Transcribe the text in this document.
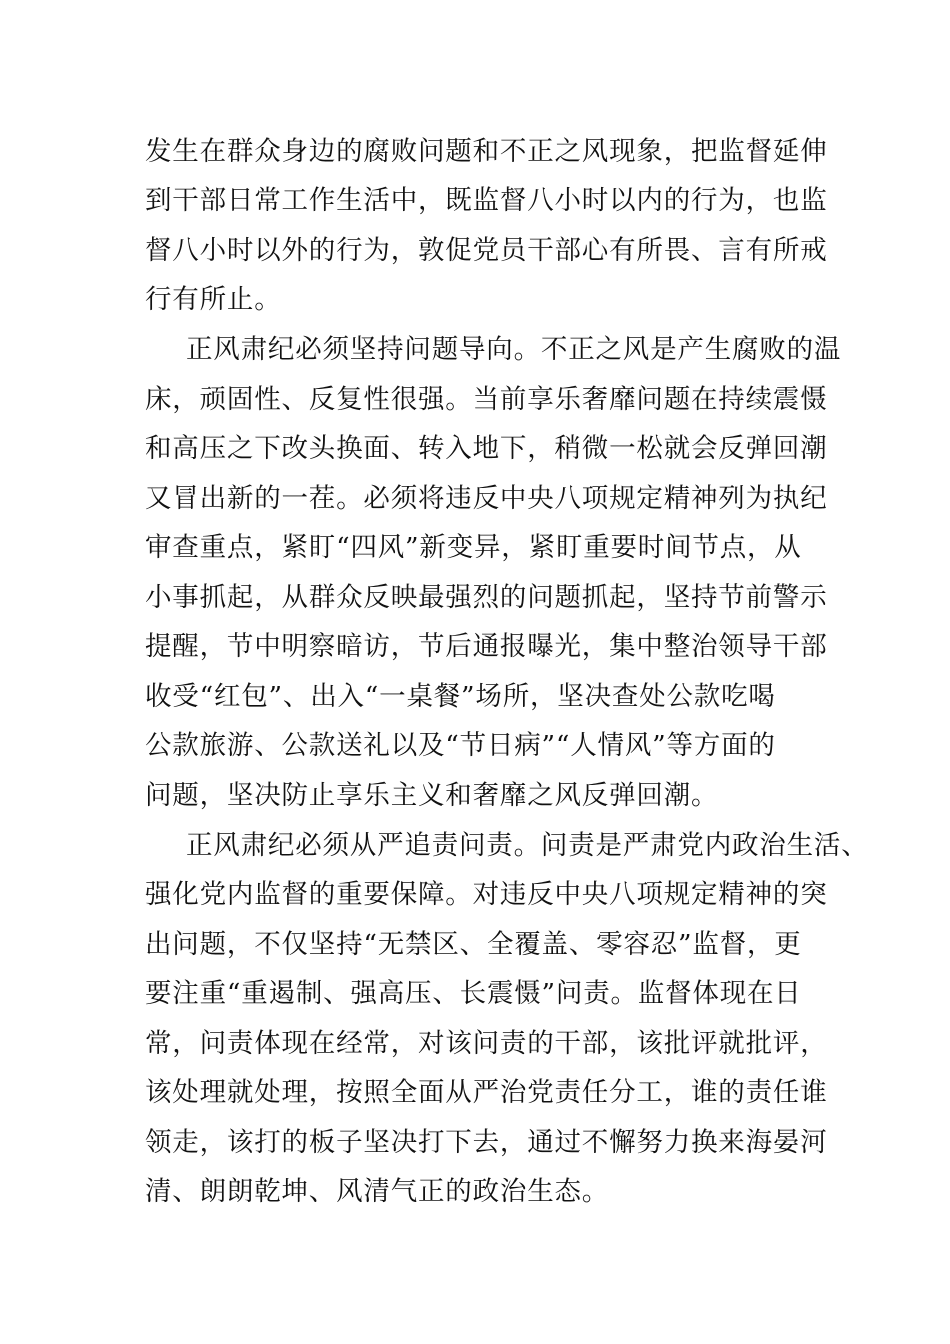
发生在群众身边的腐败问题和不正之风现象，把监督延伸

到干部日常工作生活中，既监督八小时以内的行为，也监

督八小时以外的行为，敦促党员干部心有所畏、言有所戒

行有所止。

正风肃纪必须坚持问题导向。不正之风是产生腐败的温

床，顽固性、反复性很强。当前享乐奢靡问题在持续震慑

和高压之下改头换面、转入地下，稍微一松就会反弹回潮

又冒出新的一茬。必须将违反中央八项规定精神列为执纪

审查重点，紧盯“四风”新变异，紧盯重要时间节点，从

小事抓起，从群众反映最强烈的问题抓起，坚持节前警示

提醒，节中明察暗访，节后通报曝光，集中整治领导干部

收受“红包”、出入“一桌餐”场所，坚决查处公款吃喝

公款旅游、公款送礼以及“节日病”“人情风”等方面的

问题，坚决防止享乐主义和奢靡之风反弹回潮。

正风肃纪必须从严追责问责。问责是严肃党内政治生活、

强化党内监督的重要保障。对违反中央八项规定精神的突

出问题，不仅坚持“无禁区、全覆盖、零容忍”监督，更

要注重“重遏制、强高压、长震慑”问责。监督体现在日

常，问责体现在经常，对该问责的干部，该批评就批评，

该处理就处理，按照全面从严治党责任分工，谁的责任谁

领走，该打的板子坚决打下去，通过不懈努力换来海晏河

清、朗朗乾坤、风清气正的政治生态。
